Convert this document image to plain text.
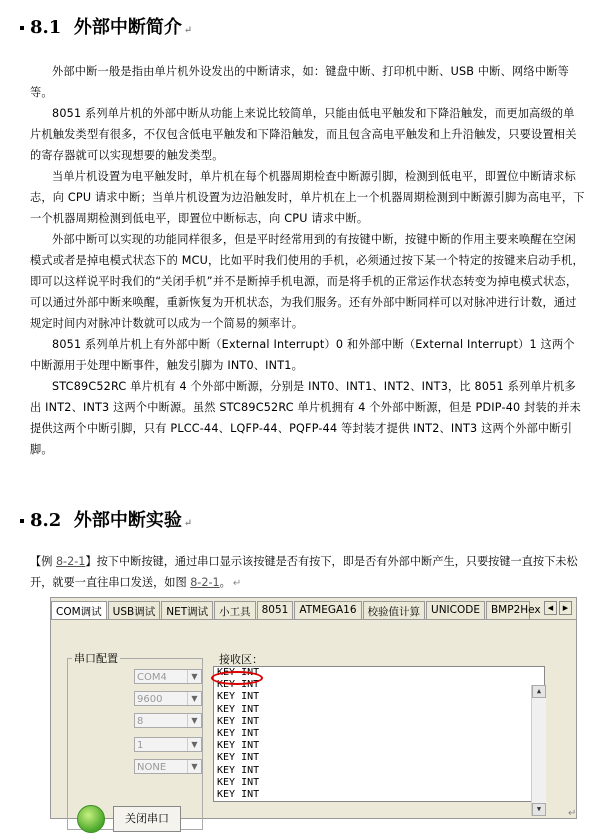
8.1 外部中断简介 ↵

外部中断一般是指由单片机外设发出的中断请求，如：键盘中断、打印机中断、USB 中断、网络中断等等。

8051 系列单片机的外部中断从功能上来说比较简单，只能由低电平触发和下降沿触发，而更加高级的单片机触发类型有很多，不仅包含低电平触发和下降沿触发，而且包含高电平触发和上升沿触发，只要设置相关的寄存器就可以实现想要的触发类型。

当单片机设置为电平触发时，单片机在每个机器周期检查中断源引脚，检测到低电平，即置位中断请求标志，向 CPU 请求中断；当单片机设置为边沿触发时，单片机在上一个机器周期检测到中断源引脚为高电平，下一个机器周期检测到低电平，即置位中断标志，向 CPU 请求中断。

外部中断可以实现的功能同样很多，但是平时经常用到的有按键中断，按键中断的作用主要来唤醒在空闲模式或者是掉电模式状态下的 MCU，比如平时我们使用的手机，必须通过按下某一个特定的按键来启动手机，即可以这样说平时我们的“关闭手机”并不是断掉手机电源，而是将手机的正常运作状态转变为掉电模式状态，可以通过外部中断来唤醒，重新恢复为开机状态，为我们服务。还有外部中断同样可以对脉冲进行计数，通过规定时间内对脉冲计数就可以成为一个简易的频率计。

8051 系列单片机上有外部中断（External Interrupt）0 和外部中断（External Interrupt）1 这两个中断源用于处理中断事件，触发引脚为 INT0、INT1。

STC89C52RC 单片机有 4 个外部中断源，分别是 INT0、INT1、INT2、INT3，比 8051 系列单片机多出 INT2、INT3 这两个中断源。虽然 STC89C52RC 单片机拥有 4 个外部中断源，但是 PDIP-40 封装的并未提供这两个中断引脚，只有 PLCC-44、LQFP-44、PQFP-44 等封装才提供 INT2、INT3 这两个外部中断引脚。

8.2 外部中断实验 ↵
【例 8-2-1】按下中断按键，通过串口显示该按键是否有按下，即是否有外部中断产生，只要按键一直按下未松开，就要一直往串口发送，如图 8-2-1。 ↵
COM调试	USB调试	NET调试	小工具	8051	ATMEGA16	校验值计算	UNICODE	BMP2Hex	◀	▶
串口配置
COM4	▼
9600	▼
8	▼
1	▼
NONE	▼
关闭串口
接收区：
KEY INT
KEY INT
KEY INT
KEY INT
KEY INT
KEY INT
KEY INT
KEY INT
KEY INT
KEY INT
KEY INT
▲
▼	↵
